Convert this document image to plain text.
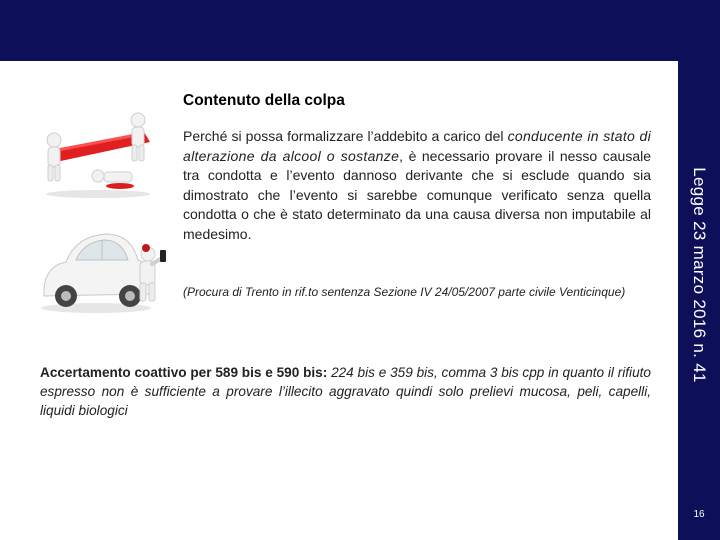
Legge 23 marzo 2016 n. 41
16
Contenuto della colpa

Perché si possa formalizzare l’addebito a carico del conducente in stato di alterazione da alcool o sostanze, è necessario provare il nesso causale tra condotta e l’evento dannoso derivante che si esclude quando sia dimostrato che l’evento si sarebbe comunque verificato senza quella condotta o che è stato determinato da una causa diversa non imputabile al medesimo.

(Procura di Trento in rif.to sentenza Sezione IV 24/05/2007 parte civile Venticinque)

Accertamento coattivo per 589 bis e 590 bis: 224 bis e 359 bis, comma 3 bis cpp in quanto il rifiuto espresso non è sufficiente a provare l’illecito aggravato quindi solo prelievi mucosa, peli, capelli, liquidi biologici
